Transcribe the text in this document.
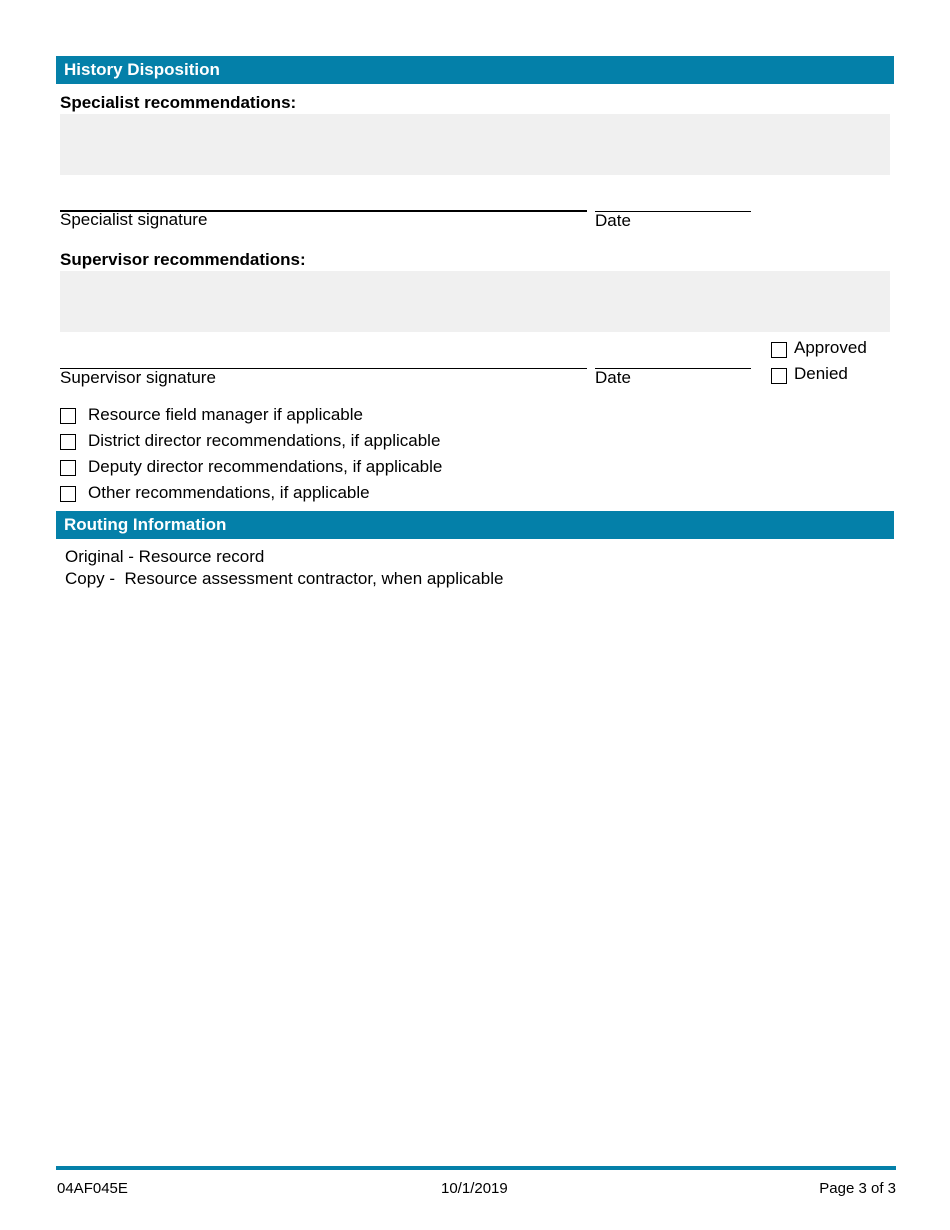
History Disposition
Specialist recommendations:
Specialist signature	Date
Supervisor recommendations:
Approved
Denied
Supervisor signature	Date
Resource field manager if applicable
District director recommendations, if applicable
Deputy director recommendations, if applicable
Other recommendations, if applicable
Routing Information
Original - Resource record
Copy -  Resource assessment contractor, when applicable
04AF045E	10/1/2019	Page 3 of 3
